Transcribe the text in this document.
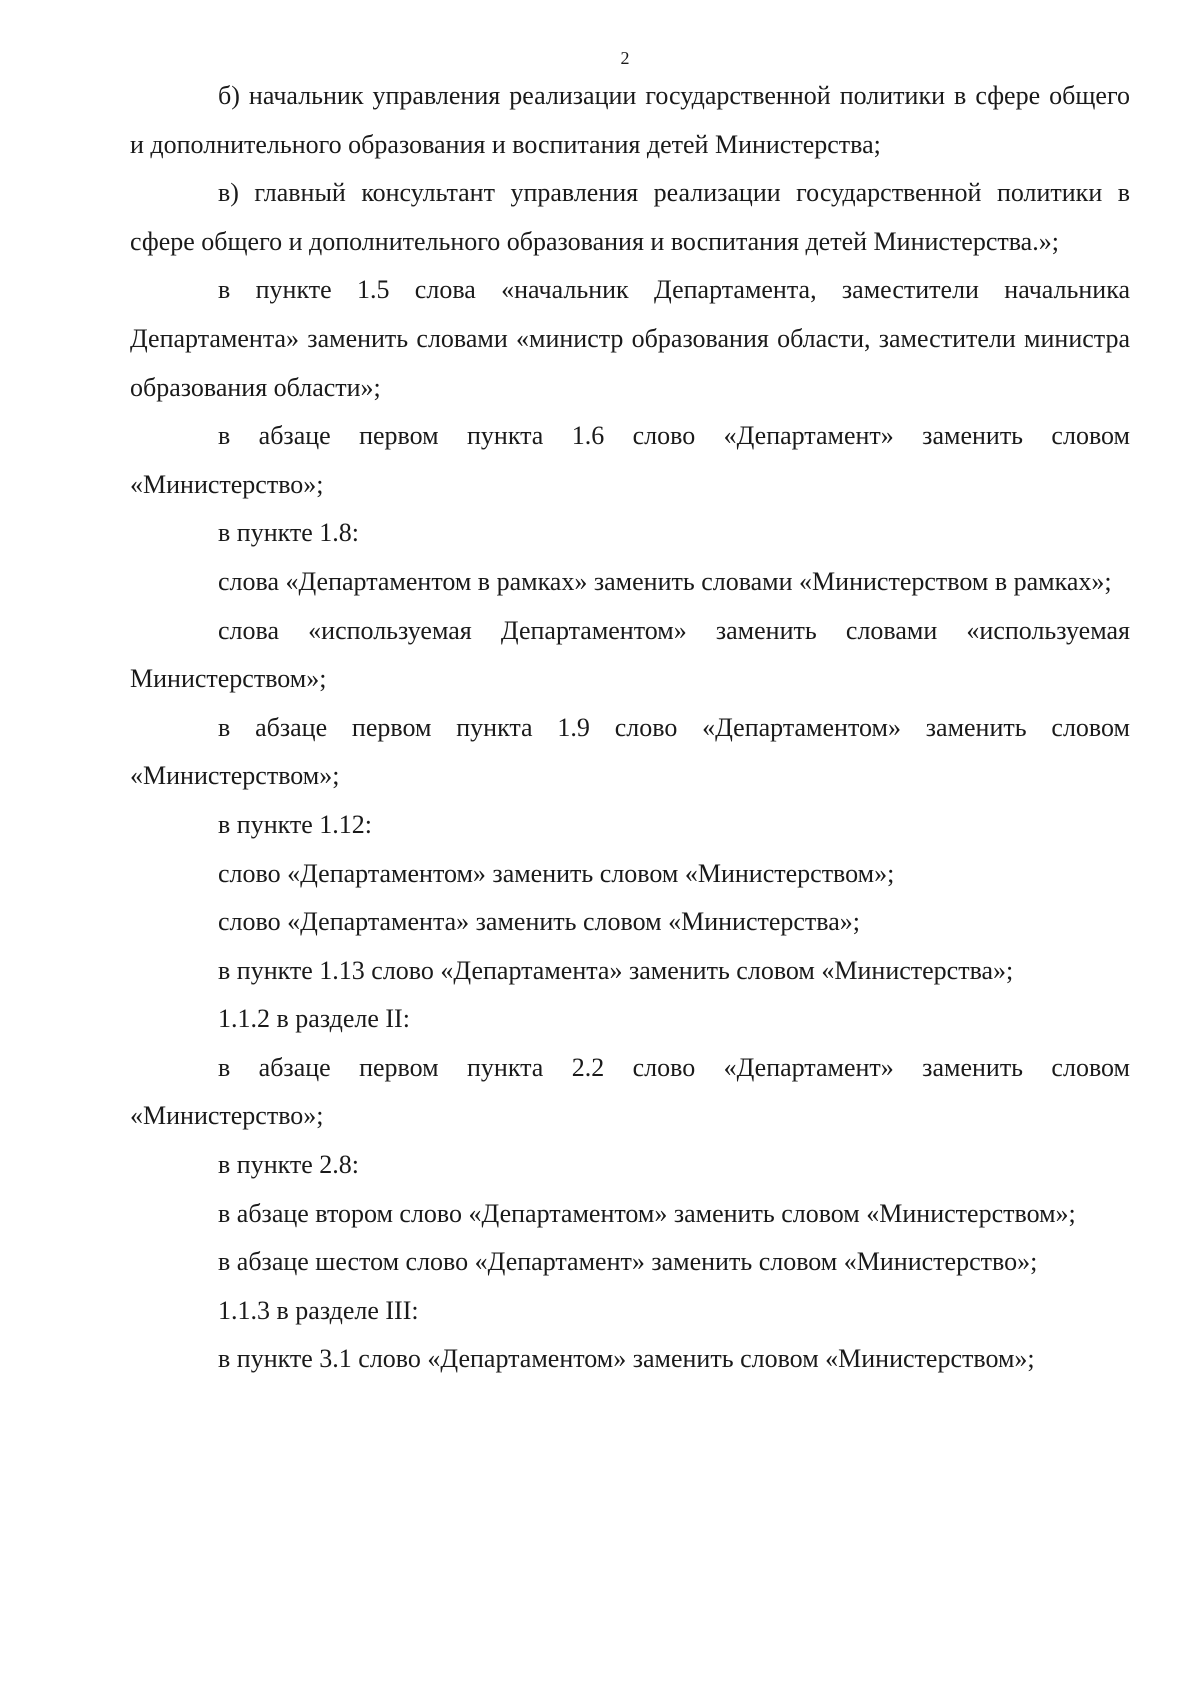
2

б) начальник управления реализации государственной политики в сфере общего и дополнительного образования и воспитания детей Министерства;

в) главный консультант управления реализации государственной политики в сфере общего и дополнительного образования и воспитания детей Министерства.»;

в пункте 1.5 слова «начальник Департамента, заместители начальника Департамента» заменить словами «министр образования области, заместители министра образования области»;

в абзаце первом пункта 1.6 слово «Департамент» заменить словом «Министерство»;

в пункте 1.8:

слова «Департаментом в рамках» заменить словами «Министерством в рамках»;

слова «используемая Департаментом» заменить словами «используемая Министерством»;

в абзаце первом пункта 1.9 слово «Департаментом» заменить словом «Министерством»;

в пункте 1.12:

слово «Департаментом» заменить словом «Министерством»;

слово «Департамента» заменить словом «Министерства»;

в пункте 1.13 слово «Департамента» заменить словом «Министерства»;

1.1.2 в разделе II:

в абзаце первом пункта 2.2 слово «Департамент» заменить словом «Министерство»;

в пункте 2.8:

в абзаце втором слово «Департаментом» заменить словом «Министерством»;

в абзаце шестом слово «Департамент» заменить словом «Министерство»;

1.1.3 в разделе III:

в пункте 3.1 слово «Департаментом» заменить словом «Министерством»;
